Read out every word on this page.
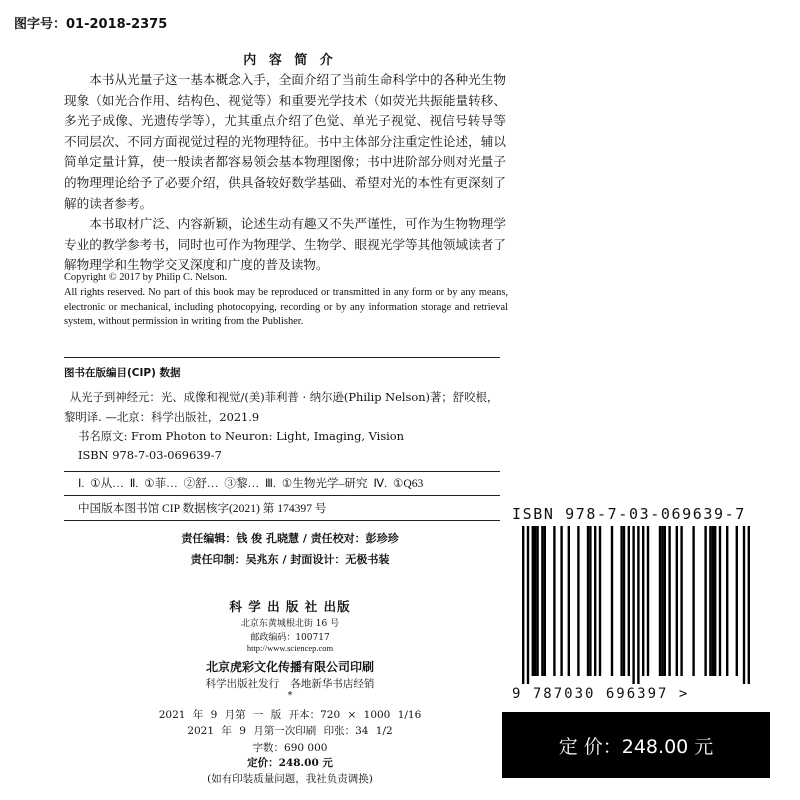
图字号：01-2018-2375
内 容 简 介

本书从光量子这一基本概念入手，全面介绍了当前生命科学中的各种光生物现象（如光合作用、结构色、视觉等）和重要光学技术（如荧光共振能量转移、多光子成像、光遗传学等），尤其重点介绍了色觉、单光子视觉、视信号转导等不同层次、不同方面视觉过程的光物理特征。书中主体部分注重定性论述，辅以简单定量计算，使一般读者都容易领会基本物理图像；书中进阶部分则对光量子的物理理论给予了必要介绍，供具备较好数学基础、希望对光的本性有更深刻了解的读者参考。

本书取材广泛、内容新颖，论述生动有趣又不失严谨性，可作为生物物理学专业的教学参考书，同时也可作为物理学、生物学、眼视光学等其他领域读者了解物理学和生物学交叉深度和广度的普及读物。

Copyright © 2017 by Philip C. Nelson.
All rights reserved. No part of this book may be reproduced or transmitted in any form or by any means, electronic or mechanical, including photocopying, recording or by any information storage and retrieval system, without permission in writing from the Publisher.
图书在版编目(CIP) 数据
从光子到神经元：光、成像和视觉/(美)菲利普 · 纳尔逊(Philip Nelson)著；舒咬根，黎明译. —北京：科学出版社，2021.9
书名原文: From Photon to Neuron: Light, Imaging, Vision
ISBN 978-7-03-069639-7
Ⅰ. ①从… Ⅱ. ①菲… ②舒… ③黎… Ⅲ. ①生物光学–研究 Ⅳ. ①Q63
中国版本图书馆 CIP 数据核字(2021) 第 174397 号
责任编辑：钱 俊 孔晓慧 / 责任校对：彭珍珍
责任印制：吴兆东 / 封面设计：无极书装
科 学 出 版 社 出版
北京东黄城根北街 16 号
邮政编码：100717
http://www.sciencep.com
北京虎彩文化传播有限公司印刷
科学出版社发行 各地新华书店经销
*
2021 年 9 月第 一 版 开本：720 × 1000 1/16
2021 年 9 月第一次印刷 印张：34 1/2
字数：690 000
定价：248.00 元
(如有印装质量问题，我社负责调换)
ISBN 978-7-03-069639-7
9 787030 696397 >
定 价：248.00 元
